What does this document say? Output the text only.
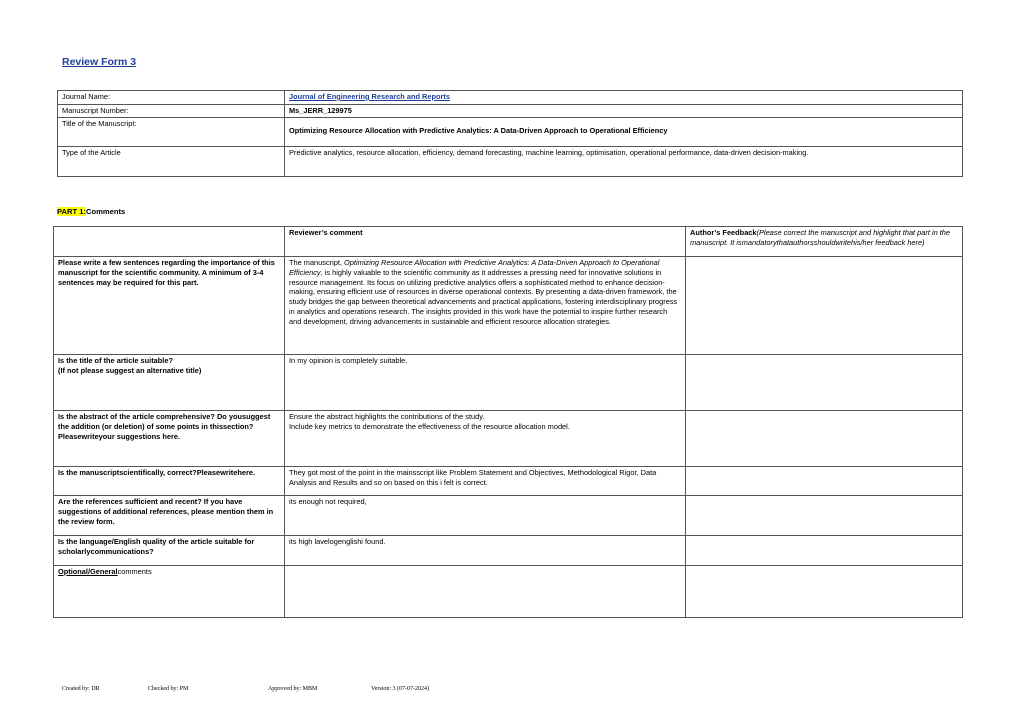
Review Form 3
Journal Name:	Journal of Engineering Research and Reports
Manuscript Number:	Ms_JERR_129975
Title of the Manuscript:	Optimizing Resource Allocation with Predictive Analytics: A Data-Driven Approach to Operational Efficiency
Type of the Article	Predictive analytics, resource allocation, efficiency, demand forecasting, machine learning, optimisation, operational performance, data-driven decision-making.
PART 1:Comments
	Reviewer’s comment	Author’s Feedback(Please correct the manuscript and highlight that part in the manuscript. It ismandatorythatauthorsshouldwritehis/her feedback here)
Please write a few sentences regarding the importance of this manuscript for the scientific community. A minimum of 3-4 sentences may be required for this part.	The manuscript, Optimizing Resource Allocation with Predictive Analytics: A Data-Driven Approach to Operational Efficiency, is highly valuable to the scientific community as it addresses a pressing need for innovative solutions in resource management. Its focus on utilizing predictive analytics offers a sophisticated method to enhance decision-making, ensuring efficient use of resources in diverse operational contexts. By presenting a data-driven framework, the study bridges the gap between theoretical advancements and practical applications, fostering interdisciplinary progress in analytics and operations research. The insights provided in this work have the potential to inspire further research and development, driving advancements in sustainable and efficient resource allocation strategies.	
Is the title of the article suitable?
(If not please suggest an alternative title)	In my opinion is completely suitable.	
Is the abstract of the article comprehensive? Do yousuggest the addition (or deletion) of some points in thissection?Pleasewriteyour suggestions here.	Ensure the abstract highlights the contributions of the study.
Include key metrics to demonstrate the effectiveness of the resource allocation model.	
Is the manuscriptscientifically, correct?Pleasewritehere.	They got most of the point in the mainsscript like Problem Statement and Objectives, Methodological Rigor, Data Analysis and Results and so on based on this i felt is correct.	
Are the references sufficient and recent? If you have suggestions of additional references, please mention them in the review form.	its enough not required,	
Is the language/English quality of the article suitable for scholarlycommunications?	its high lavelogenglishi found.	
Optional/Generalcomments		
Created by: DR	Checked by: PM	Approved by: MBM	Version: 3 (07-07-2024)
